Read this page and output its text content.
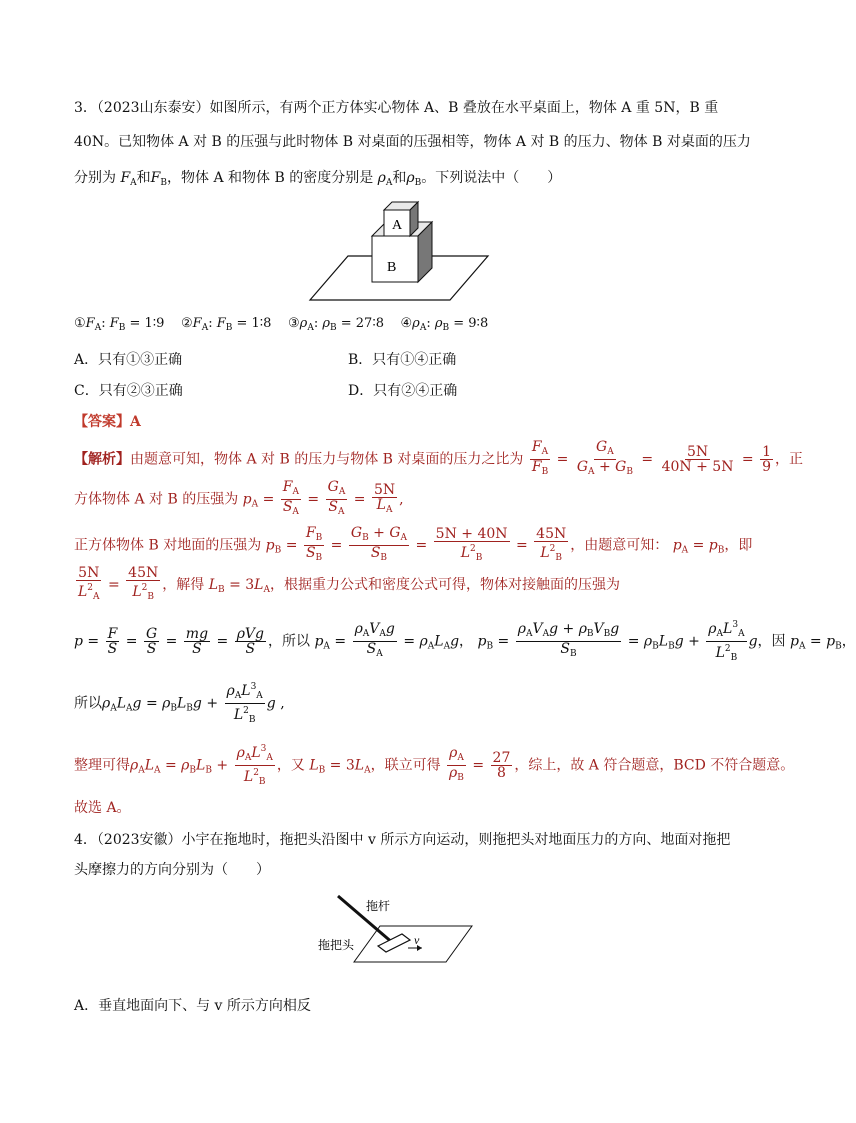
3．（2023山东泰安）如图所示，有两个正方体实心物体 A、B 叠放在水平桌面上，物体 A 重 5N，B 重
40N。已知物体 A 对 B 的压强与此时物体 B 对桌面的压强相等，物体 A 对 B 的压力、物体 B 对桌面的压力
分别为 $F_A$和$F_B$，物体 A 和物体 B 的密度分别是 $\rho_A$和$\rho_B$。下列说法中（　　）
A
B
$①F_A$: $F_B$ = 1∶9 $②F_A$: $F_B$ = 1∶8 $③\rho_A$: $\rho_B$ = 27∶8 $④\rho_A$: $\rho_B$ = 9∶8
A．只有①③正确	B．只有①④正确
C．只有②③正确	D．只有②④正确
【答案】A
【解析】由题意可知，物体 A 对 B 的压力与物体 B 对桌面的压力之比为 $\frac{F_A}{F_B} = \frac{G_A}{G_A + G_B} = \frac{5N}{40N + 5N} = \frac{1}{9}$ ，正
方体物体 A 对 B 的压强为 $p_A = \frac{F_A}{S_A} = \frac{G_A}{S_A} = \frac{5N}{L_A}$ ,
正方体物体 B 对地面的压强为 $p_B = \frac{F_B}{S_B} = \frac{G_B + G_A}{S_B} = \frac{5N + 40N}{L^2_B} = \frac{45N}{L^2_B}$ ，由题意可知： $p_A = p_B$，即
$\frac{5N}{L^2_A} = \frac{45N}{L^2_B}$ ，解得 $L_B = 3L_A$，根据重力公式和密度公式可得，物体对接触面的压强为
$p = \frac{F}{S} = \frac{G}{S} = \frac{mg}{S} = \frac{\text{ρVg}}{S}$ ，所以 $p_A = \frac{\rho_AV_Ag}{S_A} = \rho_AL_Ag$， $p_B = \frac{\rho_AV_Ag + \rho_BV_Bg}{S_B} = \rho_BL_Bg + \frac{\rho_AL^3_A}{L^2_B}$ g，因 $p_A = p_B$，
所以$\rho_AL_Ag = \rho_BL_Bg + \frac{\rho_AL^3_A}{L^2_B}$ g ,
整理可得$\rho_AL_A = \rho_BL_B + \frac{\rho_AL^3_A}{L^2_B}$ ，又 $L_B = 3L_A$，联立可得 $\frac{\rho_A}{\rho_B} = \frac{27}{8}$ ，综上，故 A 符合题意，BCD 不符合题意。
故选 A。
4．（2023安徽）小宇在拖地时，拖把头沿图中 v 所示方向运动，则拖把头对地面压力的方向、地面对拖把
头摩擦力的方向分别为（　　）
拖杆
拖把头	v
A．垂直地面向下、与 v 所示方向相反
